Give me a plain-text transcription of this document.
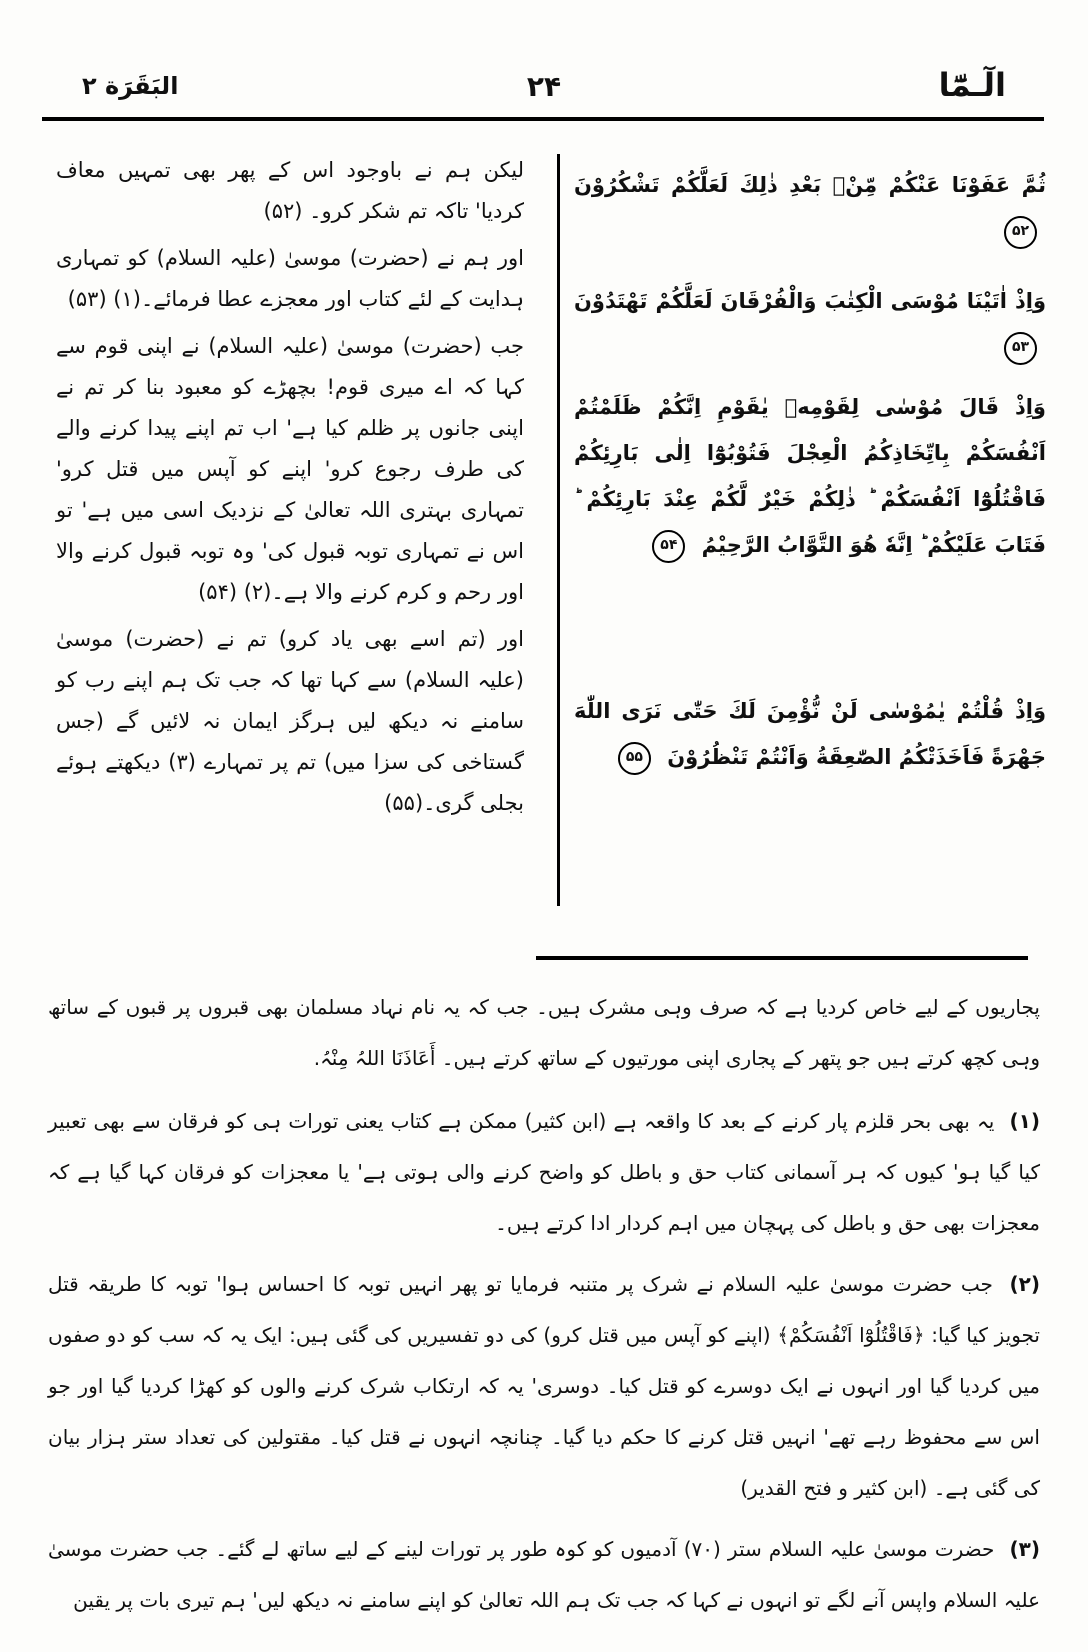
الٓـمّٓا
۲۴
البَقَرَة ۲

ثُمَّ عَفَوْنَا عَنْكُمْ مِّنْۢ بَعْدِ ذٰلِكَ لَعَلَّكُمْ تَشْكُرُوْنَ ۵۲

وَاِذْ اٰتَيْنَا مُوْسَى الْكِتٰبَ وَالْفُرْقَانَ لَعَلَّكُمْ تَهْتَدُوْنَ ۵۳

وَاِذْ قَالَ مُوْسٰى لِقَوْمِهٖ يٰقَوْمِ اِنَّكُمْ ظَلَمْتُمْ اَنْفُسَكُمْ بِاتِّخَاذِكُمُ الْعِجْلَ فَتُوْبُوْٓا اِلٰى بَارِئِكُمْ فَاقْتُلُوْٓا اَنْفُسَكُمْ ؕ ذٰلِكُمْ خَيْرٌ لَّكُمْ عِنْدَ بَارِئِكُمْ ؕ فَتَابَ عَلَيْكُمْ ؕ اِنَّهٗ هُوَ التَّوَّابُ الرَّحِيْمُ ۵۴

وَاِذْ قُلْتُمْ يٰمُوْسٰى لَنْ نُّؤْمِنَ لَكَ حَتّٰى نَرَى اللّٰهَ جَهْرَةً فَاَخَذَتْكُمُ الصّٰعِقَةُ وَاَنْتُمْ تَنْظُرُوْنَ ۵۵

لیکن ہم نے باوجود اس کے پھر بھی تمہیں معاف کردیا' تاکہ تم شکر کرو۔ (۵۲)

اور ہم نے (حضرت) موسیٰ (علیہ السلام) کو تمہاری ہدایت کے لئے کتاب اور معجزے عطا فرمائے۔(۱) (۵۳)

جب (حضرت) موسیٰ (علیہ السلام) نے اپنی قوم سے کہا کہ اے میری قوم! بچھڑے کو معبود بنا کر تم نے اپنی جانوں پر ظلم کیا ہے' اب تم اپنے پیدا کرنے والے کی طرف رجوع کرو' اپنے کو آپس میں قتل کرو' تمہاری بہتری اللہ تعالیٰ کے نزدیک اسی میں ہے' تو اس نے تمہاری توبہ قبول کی' وہ توبہ قبول کرنے والا اور رحم و کرم کرنے والا ہے۔(۲) (۵۴)

اور (تم اسے بھی یاد کرو) تم نے (حضرت) موسیٰ (علیہ السلام) سے کہا تھا کہ جب تک ہم اپنے رب کو سامنے نہ دیکھ لیں ہرگز ایمان نہ لائیں گے (جس گستاخی کی سزا میں) تم پر تمہارے (۳) دیکھتے ہوئے بجلی گری۔(۵۵)

پجاریوں کے لیے خاص کردیا ہے کہ صرف وہی مشرک ہیں۔ جب کہ یہ نام نہاد مسلمان بھی قبروں پر قبوں کے ساتھ وہی کچھ کرتے ہیں جو پتھر کے پجاری اپنی مورتیوں کے ساتھ کرتے ہیں۔ أَعَاذَنَا اللہُ مِنْہُ.

(۱) یہ بھی بحر قلزم پار کرنے کے بعد کا واقعہ ہے (ابن کثیر) ممکن ہے کتاب یعنی تورات ہی کو فرقان سے بھی تعبیر کیا گیا ہو' کیوں کہ ہر آسمانی کتاب حق و باطل کو واضح کرنے والی ہوتی ہے' یا معجزات کو فرقان کہا گیا ہے کہ معجزات بھی حق و باطل کی پہچان میں اہم کردار ادا کرتے ہیں۔

(۲) جب حضرت موسیٰ علیہ السلام نے شرک پر متنبہ فرمایا تو پھر انہیں توبہ کا احساس ہوا' توبہ کا طریقہ قتل تجویز کیا گیا: ﴿فَاقْتُلُوْٓا اَنْفُسَكُمْ﴾ (اپنے کو آپس میں قتل کرو) کی دو تفسیریں کی گئی ہیں: ایک یہ کہ سب کو دو صفوں میں کردیا گیا اور انہوں نے ایک دوسرے کو قتل کیا۔ دوسری' یہ کہ ارتکاب شرک کرنے والوں کو کھڑا کردیا گیا اور جو اس سے محفوظ رہے تھے' انہیں قتل کرنے کا حکم دیا گیا۔ چنانچہ انہوں نے قتل کیا۔ مقتولین کی تعداد ستر ہزار بیان کی گئی ہے۔ (ابن کثیر و فتح القدیر)

(۳) حضرت موسیٰ علیہ السلام ستر (۷۰) آدمیوں کو کوہ طور پر تورات لینے کے لیے ساتھ لے گئے۔ جب حضرت موسیٰ علیہ السلام واپس آنے لگے تو انہوں نے کہا کہ جب تک ہم اللہ تعالیٰ کو اپنے سامنے نہ دیکھ لیں' ہم تیری بات پر یقین
